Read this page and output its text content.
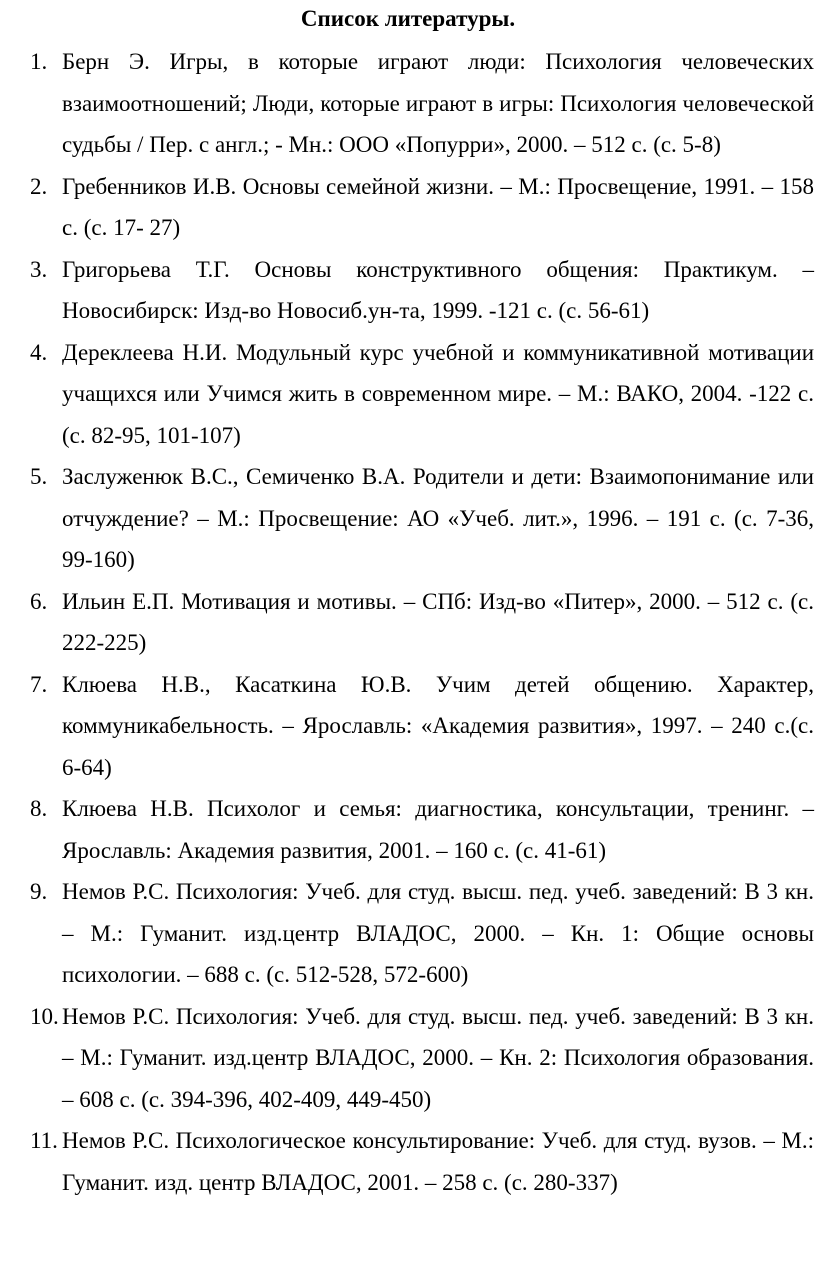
Список литературы.
1. Берн Э. Игры, в которые играют люди: Психология человеческих взаимоотношений; Люди, которые играют в игры: Психология человеческой судьбы / Пер. с англ.; - Мн.: ООО «Попурри», 2000. – 512 с. (с. 5-8)
2. Гребенников И.В. Основы семейной жизни. – М.: Просвещение, 1991. – 158 с. (с. 17- 27)
3. Григорьева Т.Г. Основы конструктивного общения: Практикум. – Новосибирск: Изд-во Новосиб.ун-та, 1999. -121 с. (с. 56-61)
4. Дереклеева Н.И. Модульный курс учебной и коммуникативной мотивации учащихся или Учимся жить в современном мире. – М.: ВАКО, 2004. -122 с. (с. 82-95, 101-107)
5. Заслуженюк В.С., Семиченко В.А. Родители и дети: Взаимопонимание или отчуждение? – М.: Просвещение: АО «Учеб. лит.», 1996. – 191 с. (с. 7-36, 99-160)
6. Ильин Е.П. Мотивация и мотивы. – СПб: Изд-во «Питер», 2000. – 512 с. (с. 222-225)
7. Клюева Н.В., Касаткина Ю.В. Учим детей общению. Характер, коммуникабельность. – Ярославль: «Академия развития», 1997. – 240 с.(с. 6-64)
8. Клюева Н.В. Психолог и семья: диагностика, консультации, тренинг. – Ярославль: Академия развития, 2001. – 160 с. (с. 41-61)
9. Немов Р.С. Психология: Учеб. для студ. высш. пед. учеб. заведений: В 3 кн. – М.: Гуманит. изд.центр ВЛАДОС, 2000. – Кн. 1: Общие основы психологии. – 688 с. (с. 512-528, 572-600)
10. Немов Р.С. Психология: Учеб. для студ. высш. пед. учеб. заведений: В 3 кн. – М.: Гуманит. изд.центр ВЛАДОС, 2000. – Кн. 2: Психология образования. – 608 с. (с. 394-396, 402-409, 449-450)
11. Немов Р.С. Психологическое консультирование: Учеб. для студ. вузов. – М.: Гуманит. изд. центр ВЛАДОС, 2001. – 258 с. (с. 280-337)
